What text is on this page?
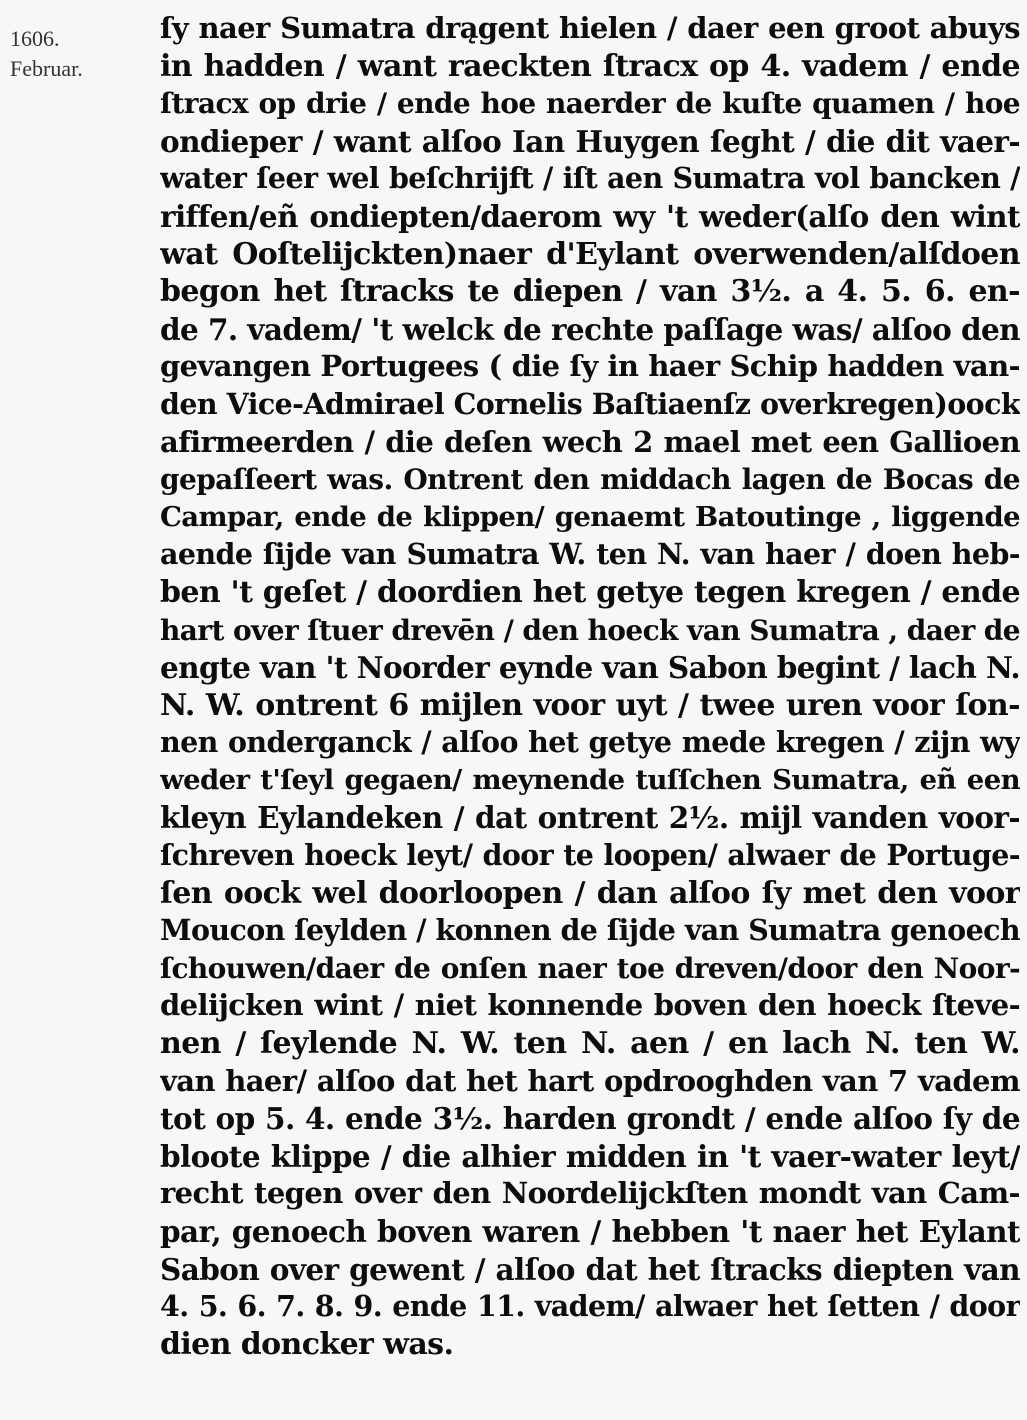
1606.
Februar.
ſy naer Sumatra drągent hielen / daer een groot abuys
in hadden / want raeckten ſtracx op 4. vadem / ende
ſtracx op drie / ende hoe naerder de kuſte quamen / hoe
ondieper / want alſoo Ian Huygen ſeght / die dit vaer-
water ſeer wel beſchrijft / iſt aen Sumatra vol bancken /
riffen/eñ ondiepten/daerom wy 't weder(alſo den wint
wat Ooſtelijckten)naer d'Eylant overwenden/alſdoen
begon het ſtracks te diepen / van 3½. a 4. 5. 6. en-
de 7. vadem/ 't welck de rechte paſſage was/ alſoo den
gevangen Portugees ( die ſy in haer Schip hadden van-
den Vice-Admirael Cornelis Baſtiaenſz overkregen)oock
afirmeerden / die deſen wech 2 mael met een Gallioen
gepaſſeert was. Ontrent den middach lagen de Bocas de
Campar, ende de klippen/ genaemt Batoutinge , liggende
aende ſijde van Sumatra W. ten N. van haer / doen heb-
ben 't geſet / doordien het getye tegen kregen / ende
hart over ſtuer drevēn / den hoeck van Sumatra , daer de
engte van 't Noorder eynde van Sabon begint / lach N.
N. W. ontrent 6 mijlen voor uyt / twee uren voor ſon-
nen onderganck / alſoo het getye mede kregen / zijn wy
weder t'ſeyl gegaen/ meynende tuſſchen Sumatra, eñ een
kleyn Eylandeken / dat ontrent 2½. mijl vanden voor-
ſchreven hoeck leyt/ door te loopen/ alwaer de Portuge-
ſen oock wel doorloopen / dan alſoo ſy met den voor
Moucon ſeylden / konnen de ſijde van Sumatra genoech
ſchouwen/daer de onſen naer toe dreven/door den Noor-
delijcken wint / niet konnende boven den hoeck ſteve-
nen / ſeylende N. W. ten N. aen / en lach N. ten W.
van haer/ alſoo dat het hart opdrooghden van 7 vadem
tot op 5. 4. ende 3½. harden grondt / ende alſoo ſy de
bloote klippe / die alhier midden in 't vaer-water leyt/
recht tegen over den Noordelijckſten mondt van Cam-
par, genoech boven waren / hebben 't naer het Eylant
Sabon over gewent / alſoo dat het ſtracks diepten van
4. 5. 6. 7. 8. 9. ende 11. vadem/ alwaer het ſetten / door
dien doncker was.
